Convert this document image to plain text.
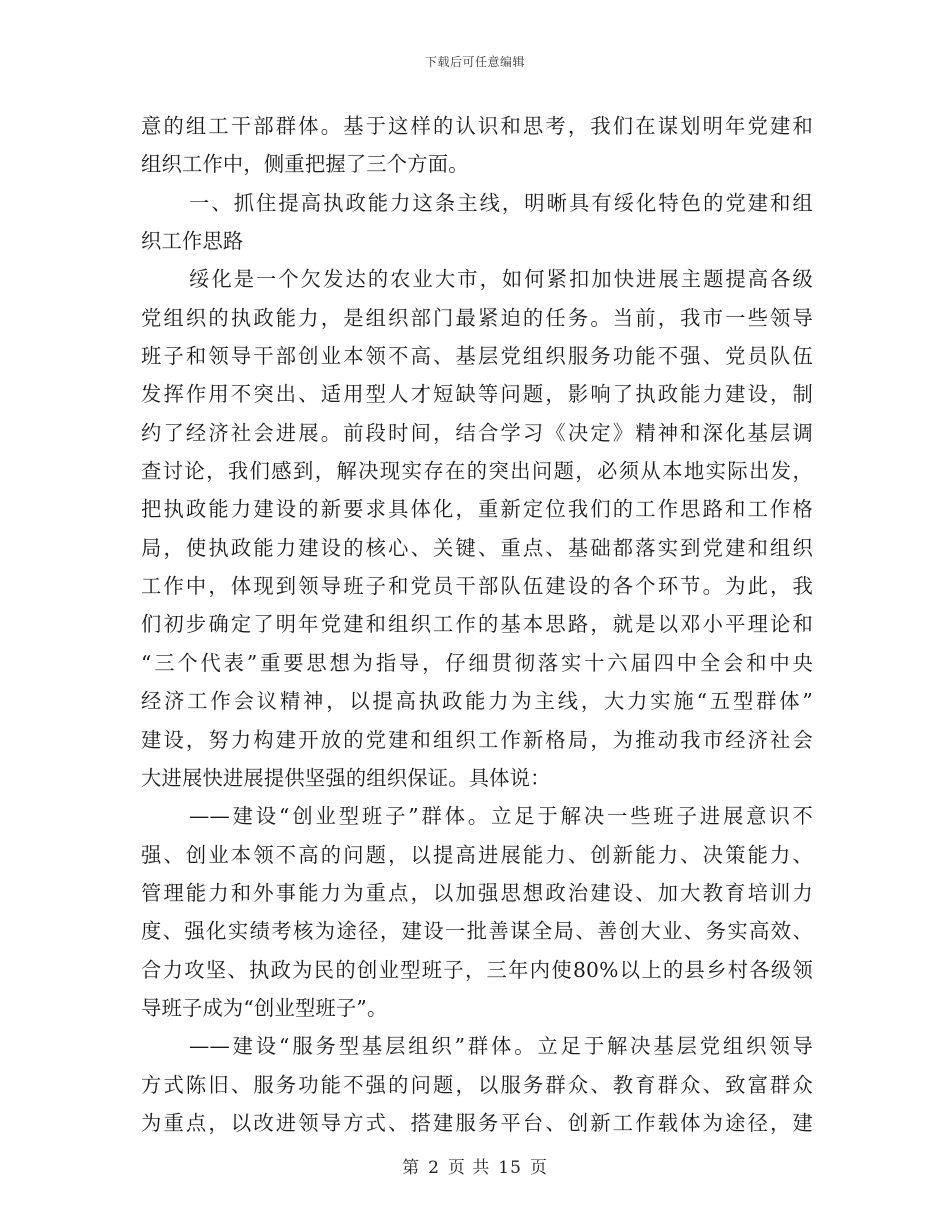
下载后可任意编辑
意的组工干部群体。基于这样的认识和思考，我们在谋划明年党建和
组织工作中，侧重把握了三个方面。
一、抓住提高执政能力这条主线，明晰具有绥化特色的党建和组
织工作思路
绥化是一个欠发达的农业大市，如何紧扣加快进展主题提高各级
党组织的执政能力，是组织部门最紧迫的任务。当前，我市一些领导
班子和领导干部创业本领不高、基层党组织服务功能不强、党员队伍
发挥作用不突出、适用型人才短缺等问题，影响了执政能力建设，制
约了经济社会进展。前段时间，结合学习《决定》精神和深化基层调
查讨论，我们感到，解决现实存在的突出问题，必须从本地实际出发，
把执政能力建设的新要求具体化，重新定位我们的工作思路和工作格
局，使执政能力建设的核心、关键、重点、基础都落实到党建和组织
工作中，体现到领导班子和党员干部队伍建设的各个环节。为此，我
们初步确定了明年党建和组织工作的基本思路，就是以邓小平理论和
“三个代表”重要思想为指导，仔细贯彻落实十六届四中全会和中央
经济工作会议精神，以提高执政能力为主线，大力实施“五型群体”
建设，努力构建开放的党建和组织工作新格局，为推动我市经济社会
大进展快进展提供坚强的组织保证。具体说：
——建设“创业型班子”群体。立足于解决一些班子进展意识不
强、创业本领不高的问题，以提高进展能力、创新能力、决策能力、
管理能力和外事能力为重点，以加强思想政治建设、加大教育培训力
度、强化实绩考核为途径，建设一批善谋全局、善创大业、务实高效、
合力攻坚、执政为民的创业型班子，三年内使80%以上的县乡村各级领
导班子成为“创业型班子”。
——建设“服务型基层组织”群体。立足于解决基层党组织领导
方式陈旧、服务功能不强的问题，以服务群众、教育群众、致富群众
为重点，以改进领导方式、搭建服务平台、创新工作载体为途径，建
第 2 页 共 15 页
